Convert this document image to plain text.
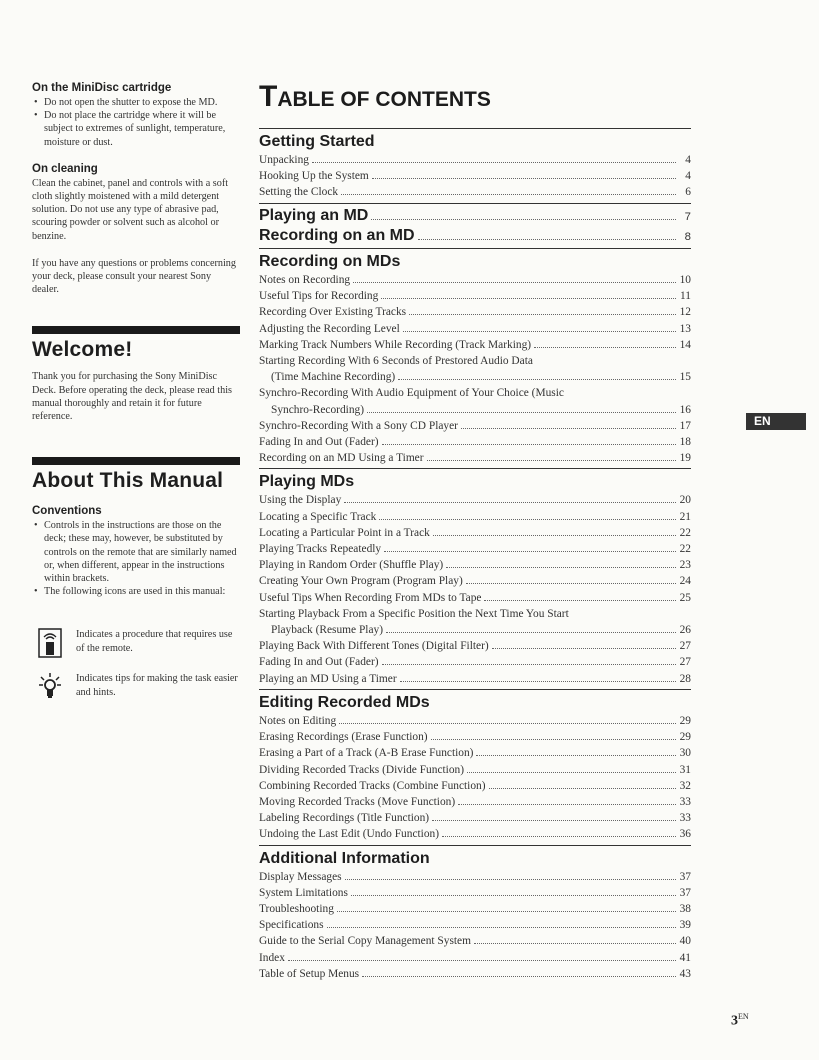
On the MiniDisc cartridge

• Do not open the shutter to expose the MD.
• Do not place the cartridge where it will be subject to extremes of sunlight, temperature, moisture or dust.

On cleaning

Clean the cabinet, panel and controls with a soft cloth slightly moistened with a mild detergent solution. Do not use any type of abrasive pad, scouring powder or solvent such as alcohol or benzine.

If you have any questions or problems concerning your deck, please consult your nearest Sony dealer.

Welcome!

Thank you for purchasing the Sony MiniDisc Deck. Before operating the deck, please read this manual thoroughly and retain it for future reference.

About This Manual

Conventions

• Controls in the instructions are those on the deck; these may, however, be substituted by controls on the remote that are similarly named or, when different, appear in the instructions within brackets.
• The following icons are used in this manual:
Indicates a procedure that requires use of the remote.
Indicates tips for making the task easier and hints.
TABLE OF CONTENTS
Getting Started
Unpacking	4
Hooking Up the System	4
Setting the Clock	6
Playing an MD	7
Recording on an MD	8
Recording on MDs
Notes on Recording	10
Useful Tips for Recording	11
Recording Over Existing Tracks	12
Adjusting the Recording Level	13
Marking Track Numbers While Recording (Track Marking)	14
Starting Recording With 6 Seconds of Prestored Audio Data
(Time Machine Recording)	15
Synchro-Recording With Audio Equipment of Your Choice (Music
Synchro-Recording)	16
Synchro-Recording With a Sony CD Player	17
Fading In and Out (Fader)	18
Recording on an MD Using a Timer	19
Playing MDs
Using the Display	20
Locating a Specific Track	21
Locating a Particular Point in a Track	22
Playing Tracks Repeatedly	22
Playing in Random Order (Shuffle Play)	23
Creating Your Own Program (Program Play)	24
Useful Tips When Recording From MDs to Tape	25
Starting Playback From a Specific Position the Next Time You Start
Playback (Resume Play)	26
Playing Back With Different Tones (Digital Filter)	27
Fading In and Out (Fader)	27
Playing an MD Using a Timer	28
Editing Recorded MDs
Notes on Editing	29
Erasing Recordings (Erase Function)	29
Erasing a Part of a Track (A-B Erase Function)	30
Dividing Recorded Tracks (Divide Function)	31
Combining Recorded Tracks (Combine Function)	32
Moving Recorded Tracks (Move Function)	33
Labeling Recordings (Title Function)	33
Undoing the Last Edit (Undo Function)	36
Additional Information
Display Messages	37
System Limitations	37
Troubleshooting	38
Specifications	39
Guide to the Serial Copy Management System	40
Index	41
Table of Setup Menus	43
EN
$3^{EN}$
